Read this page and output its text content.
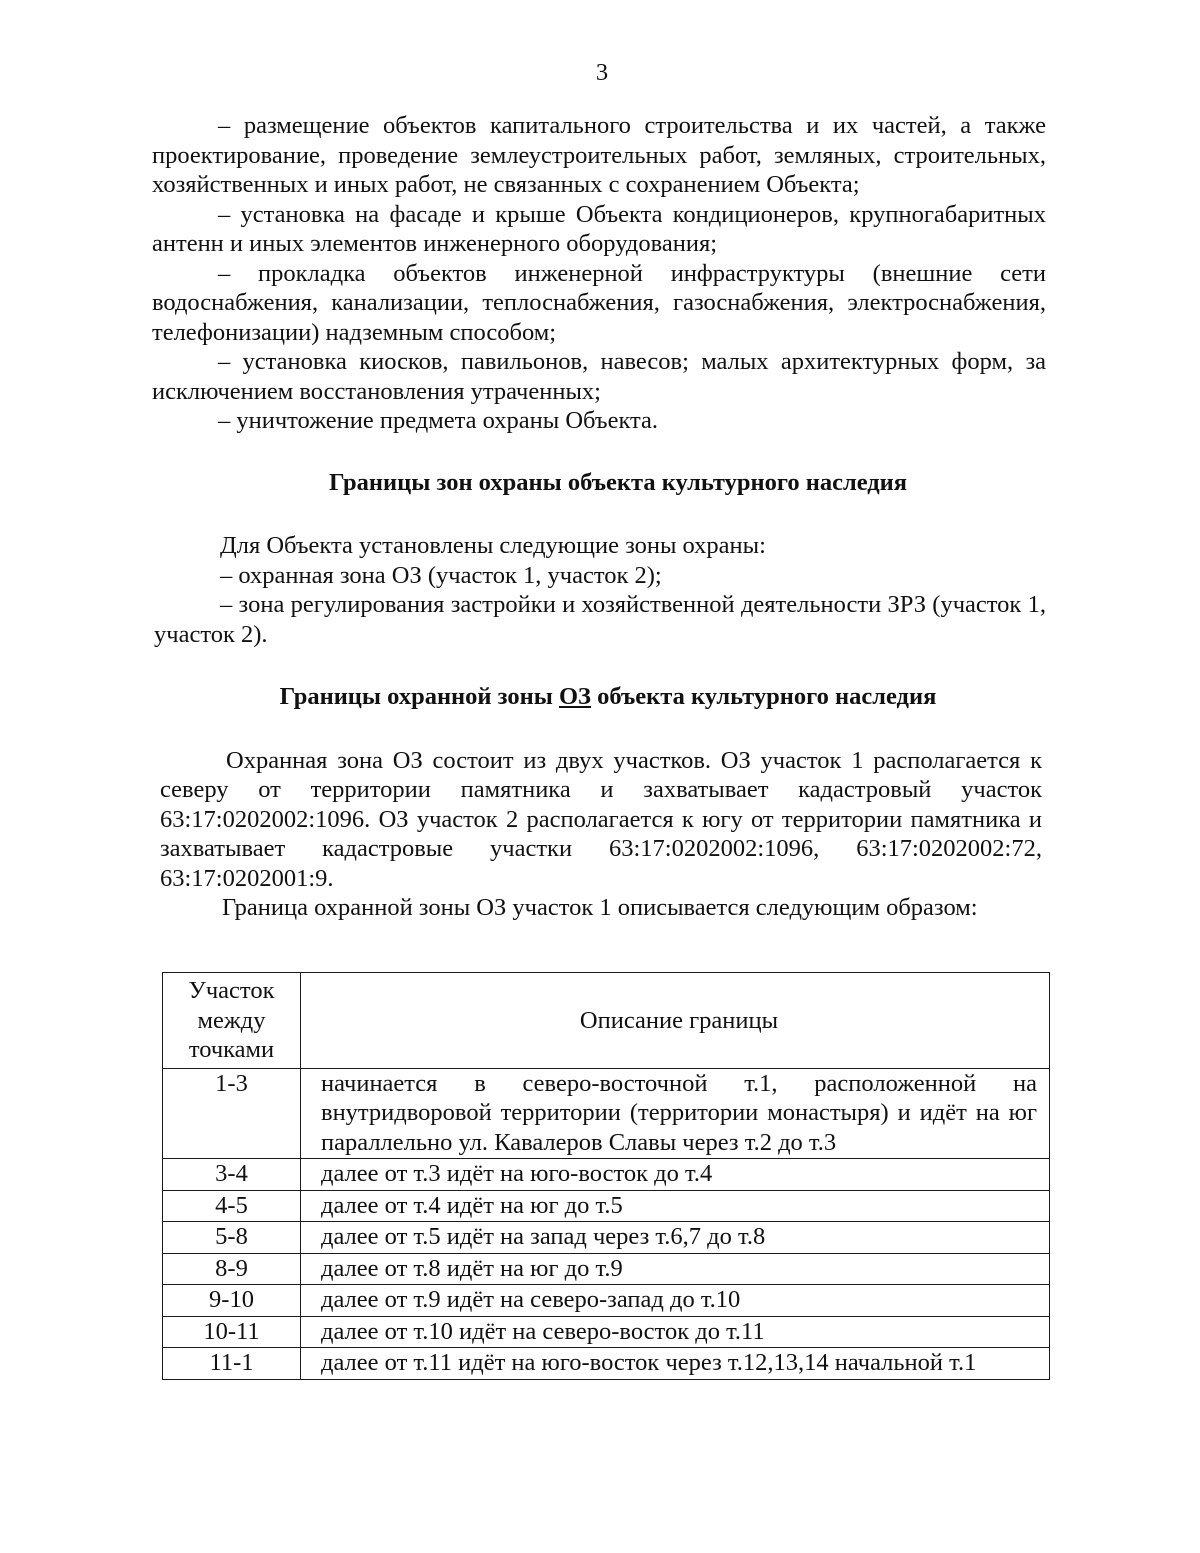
3

– размещение объектов капитального строительства и их частей, а также проектирование, проведение землеустроительных работ, земляных, строительных, хозяйственных и иных работ, не связанных с сохранением Объекта;

– установка на фасаде и крыше Объекта кондиционеров, крупногабаритных антенн и иных элементов инженерного оборудования;

– прокладка объектов инженерной инфраструктуры (внешние сети водоснабжения, канализации, теплоснабжения, газоснабжения, электроснабжения, телефонизации) надземным способом;

– установка киосков, павильонов, навесов; малых архитектурных форм, за исключением восстановления утраченных;

– уничтожение предмета охраны Объекта.

Границы зон охраны объекта культурного наследия

Для Объекта установлены следующие зоны охраны:

– охранная зона ОЗ (участок 1, участок 2);

– зона регулирования застройки и хозяйственной деятельности ЗРЗ (участок 1, участок 2).

Границы охранной зоны ОЗ объекта культурного наследия

Охранная зона ОЗ состоит из двух участков. ОЗ участок 1 располагается к северу от территории памятника и захватывает кадастровый участок 63:17:0202002:1096. ОЗ участок 2 располагается к югу от территории памятника и захватывает кадастровые участки 63:17:0202002:1096, 63:17:0202002:72, 63:17:0202001:9.

Граница охранной зоны ОЗ участок 1 описывается следующим образом:

Участок между точками	Описание границы
1-3	начинается в северо-восточной т.1, расположенной на внутридворовой территории (территории монастыря) и идёт на юг параллельно ул. Кавалеров Славы через т.2 до т.3
3-4	далее от т.3 идёт на юго-восток до т.4
4-5	далее от т.4 идёт на юг до т.5
5-8	далее от т.5 идёт на запад через т.6,7 до т.8
8-9	далее от т.8 идёт на юг до т.9
9-10	далее от т.9 идёт на северо-запад до т.10
10-11	далее от т.10 идёт на северо-восток до т.11
11-1	далее от т.11 идёт на юго-восток через т.12,13,14 начальной т.1
